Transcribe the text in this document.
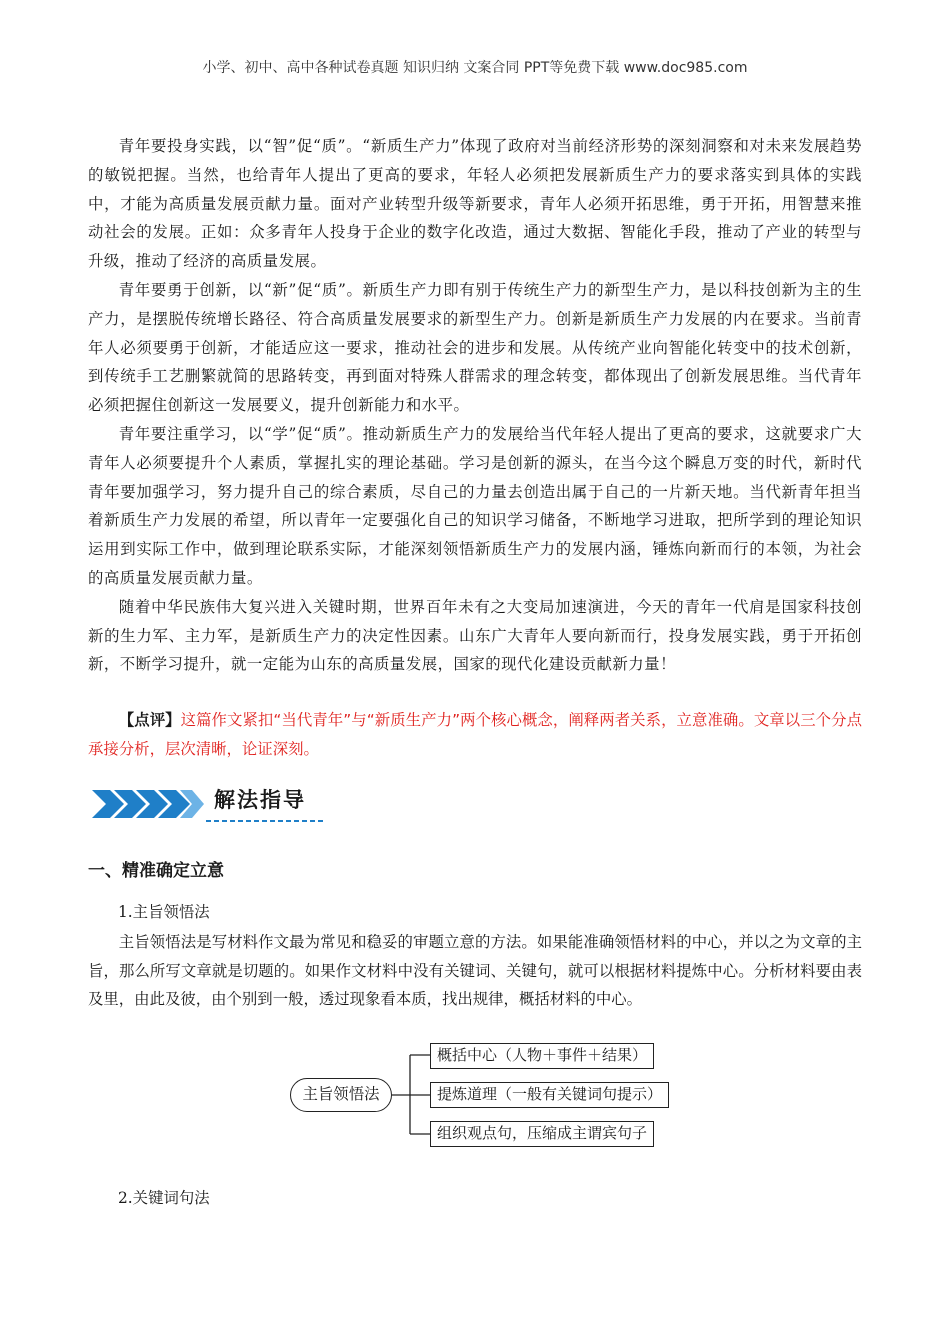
小学、初中、高中各种试卷真题 知识归纳 文案合同 PPT等免费下载 www.doc985.com

青年要投身实践，以“智”促“质”。“新质生产力”体现了政府对当前经济形势的深刻洞察和对未来发展趋势的敏锐把握。当然，也给青年人提出了更高的要求，年轻人必须把发展新质生产力的要求落实到具体的实践中，才能为高质量发展贡献力量。面对产业转型升级等新要求，青年人必须开拓思维，勇于开拓，用智慧来推动社会的发展。正如：众多青年人投身于企业的数字化改造，通过大数据、智能化手段，推动了产业的转型与升级，推动了经济的高质量发展。

青年要勇于创新，以“新”促“质”。新质生产力即有别于传统生产力的新型生产力，是以科技创新为主的生产力，是摆脱传统增长路径、符合高质量发展要求的新型生产力。创新是新质生产力发展的内在要求。当前青年人必须要勇于创新，才能适应这一要求，推动社会的进步和发展。从传统产业向智能化转变中的技术创新，到传统手工艺删繁就简的思路转变，再到面对特殊人群需求的理念转变，都体现出了创新发展思维。当代青年必须把握住创新这一发展要义，提升创新能力和水平。

青年要注重学习，以“学”促“质”。推动新质生产力的发展给当代年轻人提出了更高的要求，这就要求广大青年人必须要提升个人素质，掌握扎实的理论基础。学习是创新的源头，在当今这个瞬息万变的时代，新时代青年要加强学习，努力提升自己的综合素质，尽自己的力量去创造出属于自己的一片新天地。当代新青年担当着新质生产力发展的希望，所以青年一定要强化自己的知识学习储备，不断地学习进取，把所学到的理论知识运用到实际工作中，做到理论联系实际，才能深刻领悟新质生产力的发展内涵，锤炼向新而行的本领，为社会的高质量发展贡献力量。

随着中华民族伟大复兴进入关键时期，世界百年未有之大变局加速演进，今天的青年一代肩是国家科技创新的生力军、主力军，是新质生产力的决定性因素。山东广大青年人要向新而行，投身发展实践，勇于开拓创新，不断学习提升，就一定能为山东的高质量发展，国家的现代化建设贡献新力量！

【点评】这篇作文紧扣“当代青年”与“新质生产力”两个核心概念，阐释两者关系，立意准确。文章以三个分点承接分析，层次清晰，论证深刻。

解法指导
一、精准确定立意
1.主旨领悟法

主旨领悟法是写材料作文最为常见和稳妥的审题立意的方法。如果能准确领悟材料的中心，并以之为文章的主旨，那么所写文章就是切题的。如果作文材料中没有关键词、关键句，就可以根据材料提炼中心。分析材料要由表及里，由此及彼，由个别到一般，透过现象看本质，找出规律，概括材料的中心。

主旨领悟法
概括中心（人物＋事件＋结果）
提炼道理（一般有关键词句提示）
组织观点句，压缩成主谓宾句子
2.关键词句法
